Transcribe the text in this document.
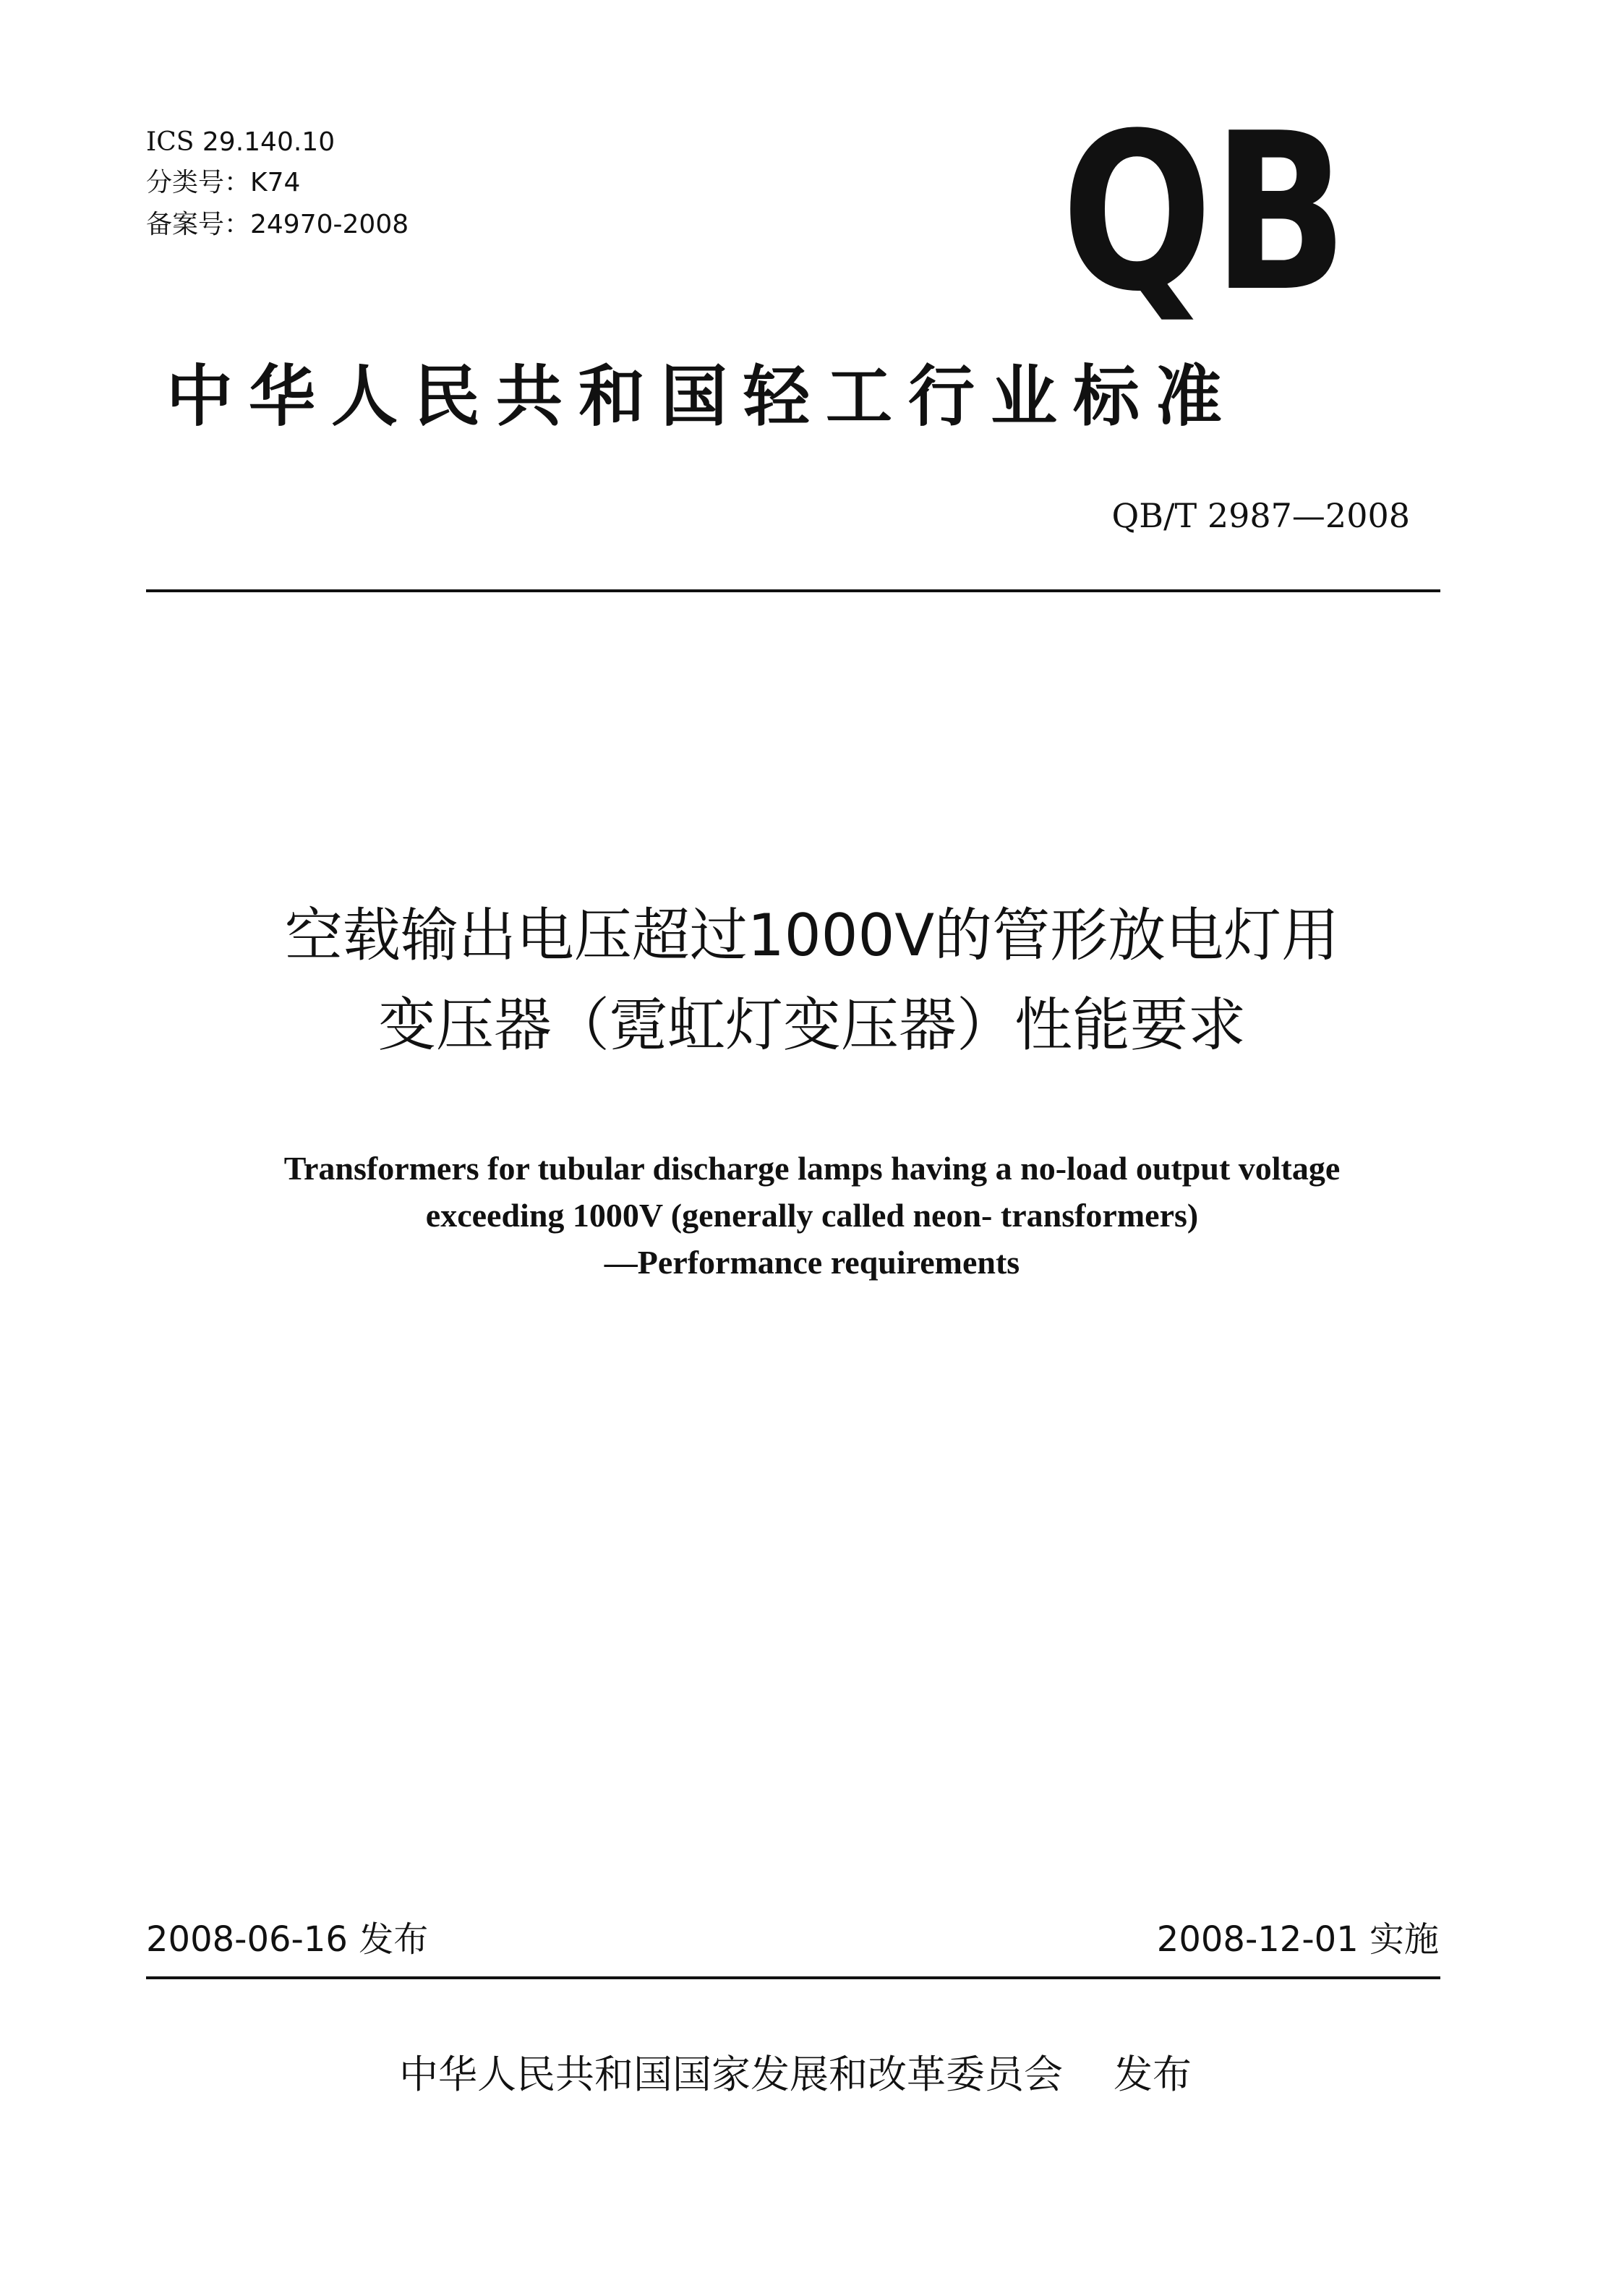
ICS 29.140.10
分类号：K74
备案号：24970-2008	QB
中华人民共和国轻工行业标准
QB/T 2987—2008
空载输出电压超过1000V的管形放电灯用
变压器（霓虹灯变压器）性能要求
Transformers for tubular discharge lamps having a no-load output voltage
exceeding 1000V (generally called neon- transformers)
—Performance requirements
2008-06-16 发布	2008-12-01 实施
中华人民共和国国家发展和改革委员会 发布
